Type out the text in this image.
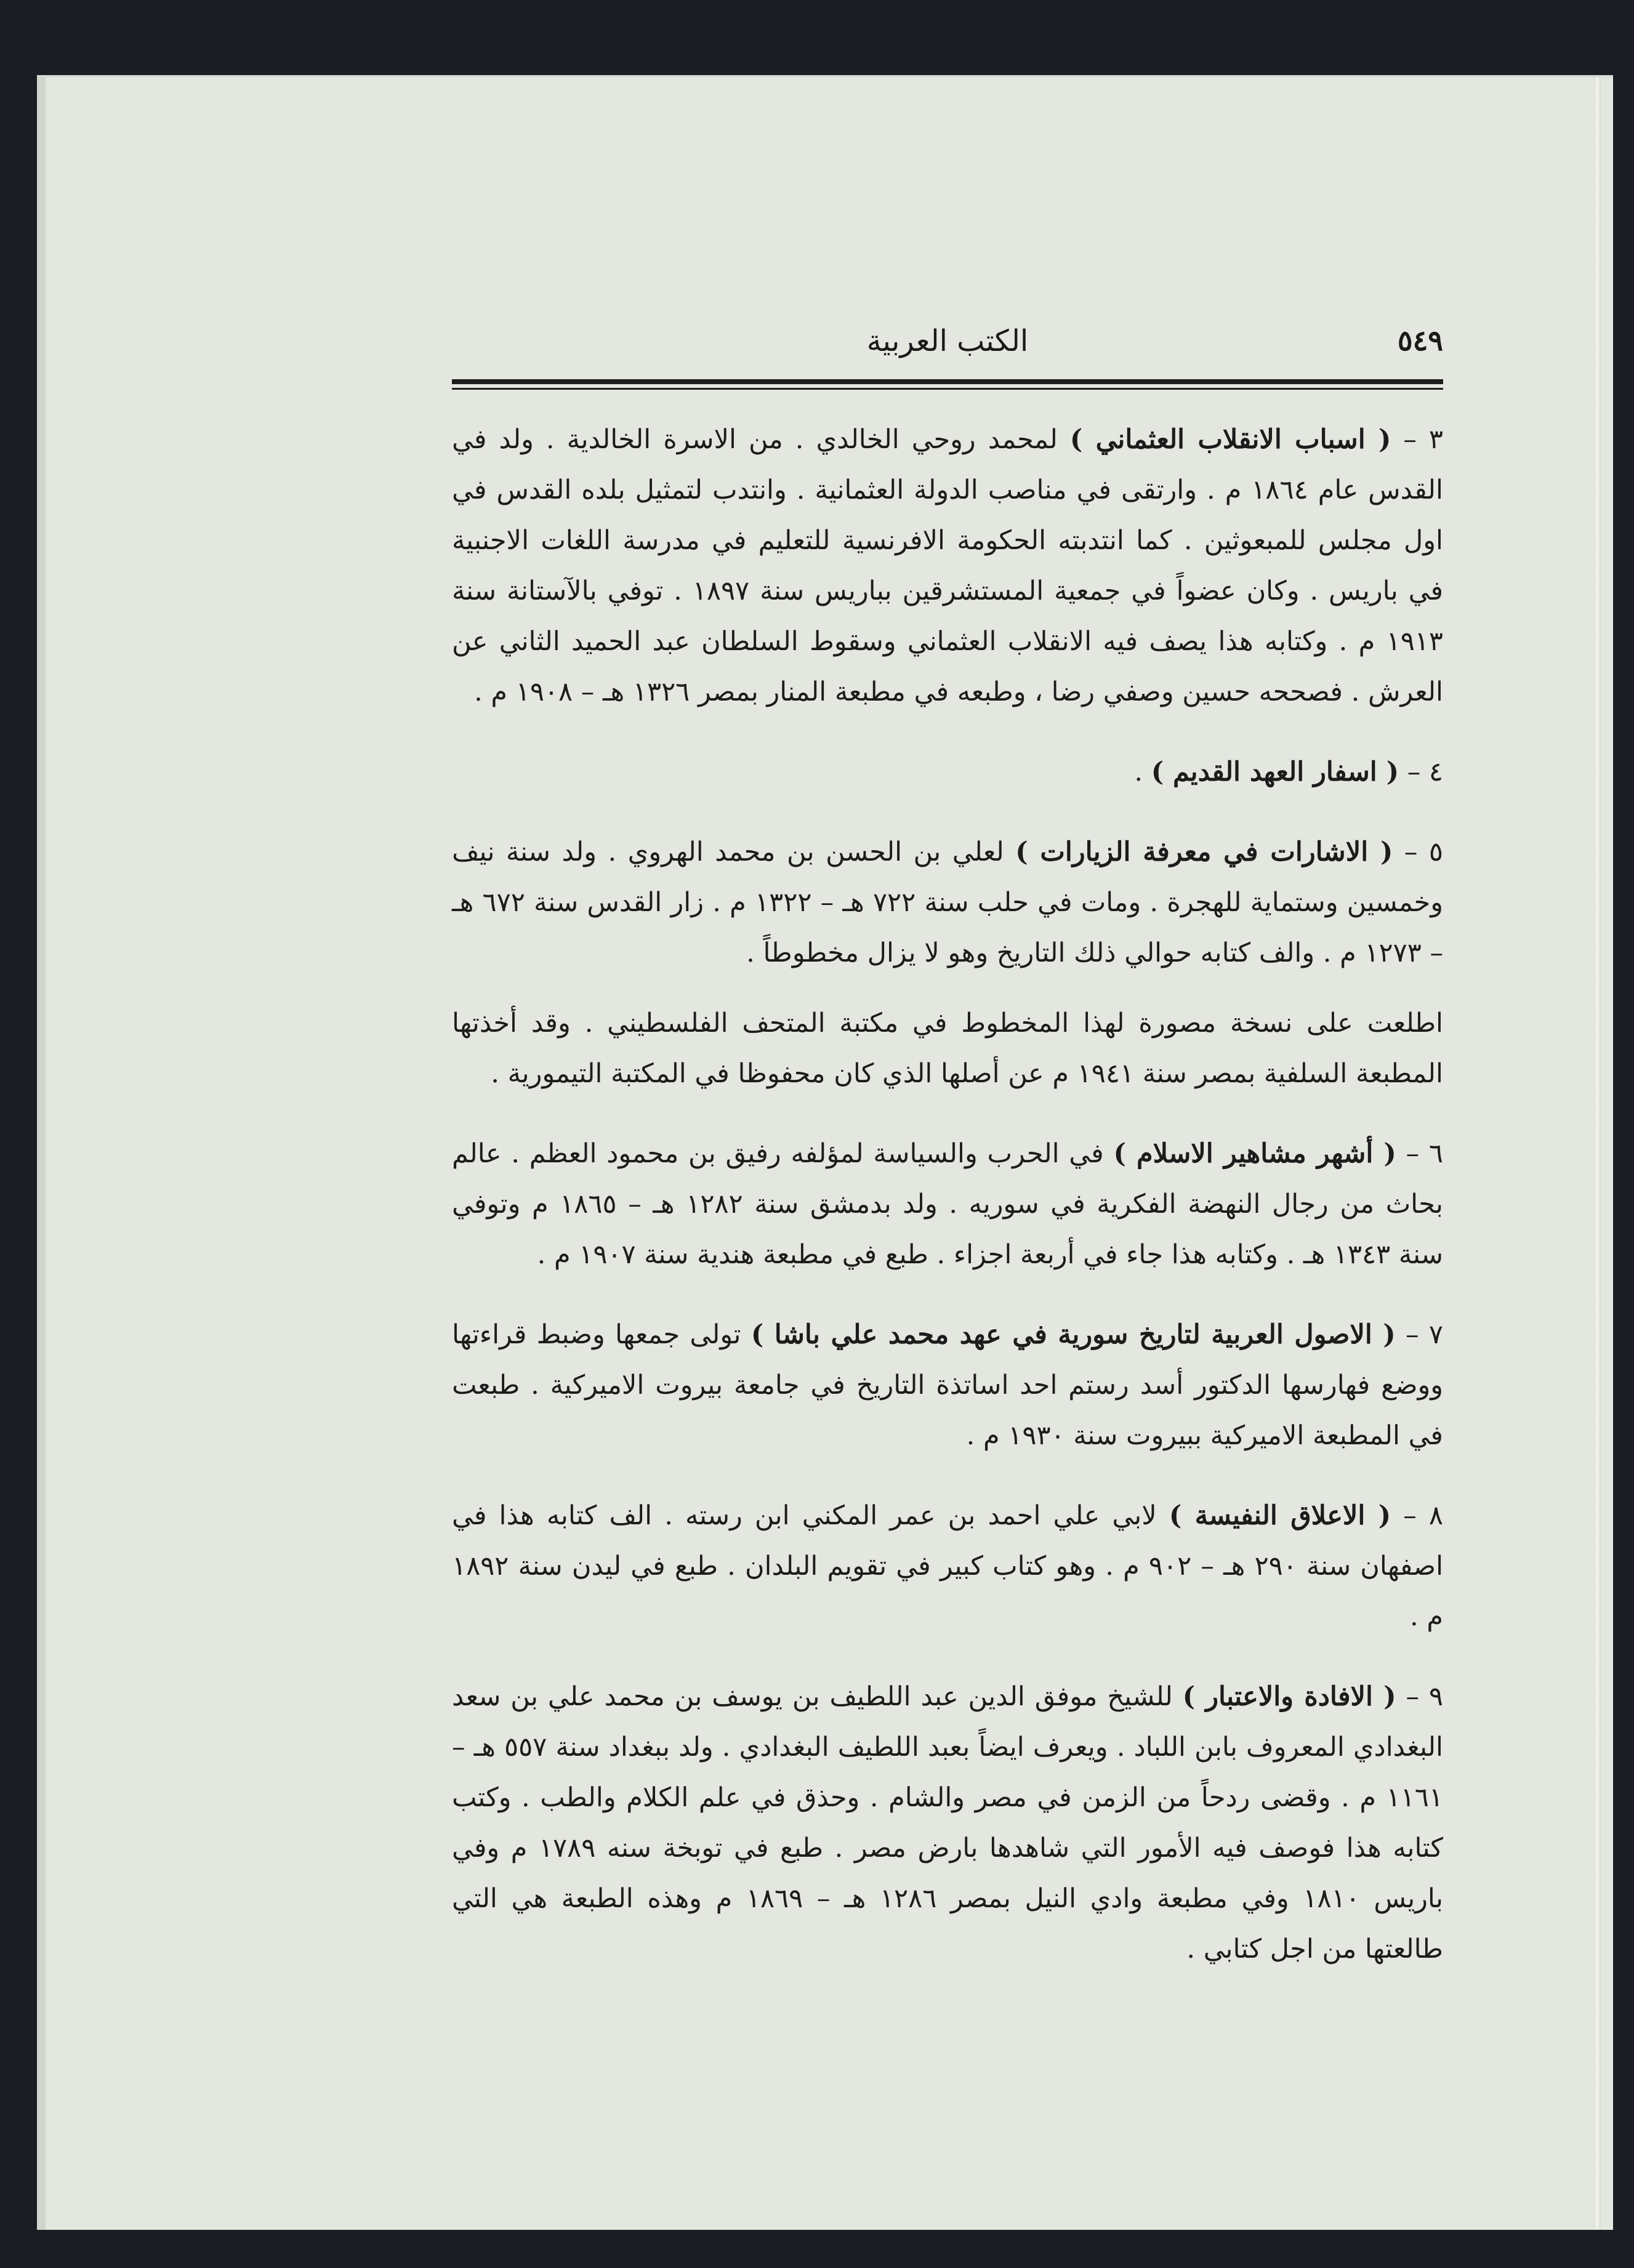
٥٤٩
الكتب العربية

٣ – ( اسباب الانقلاب العثماني ) لمحمد روحي الخالدي . من الاسرة الخالدية . ولد في القدس عام ١٨٦٤ م . وارتقى في مناصب الدولة العثمانية . وانتدب لتمثيل بلده القدس في اول مجلس للمبعوثين . كما انتدبته الحكومة الافرنسية للتعليم في مدرسة اللغات الاجنبية في باريس . وكان عضواً في جمعية المستشرقين بباريس سنة ١٨٩٧ . توفي بالآستانة سنة ١٩١٣ م . وكتابه هذا يصف فيه الانقلاب العثماني وسقوط السلطان عبد الحميد الثاني عن العرش . فصححه حسين وصفي رضا ، وطبعه في مطبعة المنار بمصر ١٣٢٦ هـ – ١٩٠٨ م .

٤ – ( اسفار العهد القديم ) .

٥ – ( الاشارات في معرفة الزيارات ) لعلي بن الحسن بن محمد الهروي . ولد سنة نيف وخمسين وستماية للهجرة . ومات في حلب سنة ٧٢٢ هـ – ١٣٢٢ م . زار القدس سنة ٦٧٢ هـ – ١٢٧٣ م . والف كتابه حوالي ذلك التاريخ وهو لا يزال مخطوطاً .

اطلعت على نسخة مصورة لهذا المخطوط في مكتبة المتحف الفلسطيني . وقد أخذتها المطبعة السلفية بمصر سنة ١٩٤١ م عن أصلها الذي كان محفوظا في المكتبة التيمورية .

٦ – ( أشهر مشاهير الاسلام ) في الحرب والسياسة لمؤلفه رفيق بن محمود العظم . عالم بحاث من رجال النهضة الفكرية في سوريه . ولد بدمشق سنة ١٢٨٢ هـ – ١٨٦٥ م وتوفي سنة ١٣٤٣ هـ . وكتابه هذا جاء في أربعة اجزاء . طبع في مطبعة هندية سنة ١٩٠٧ م .

٧ – ( الاصول العربية لتاريخ سورية في عهد محمد علي باشا ) تولى جمعها وضبط قراءتها ووضع فهارسها الدكتور أسد رستم احد اساتذة التاريخ في جامعة بيروت الاميركية . طبعت في المطبعة الاميركية ببيروت سنة ١٩٣٠ م .

٨ – ( الاعلاق النفيسة ) لابي علي احمد بن عمر المكني ابن رسته . الف كتابه هذا في اصفهان سنة ٢٩٠ هـ – ٩٠٢ م . وهو كتاب كبير في تقويم البلدان . طبع في ليدن سنة ١٨٩٢ م .

٩ – ( الافادة والاعتبار ) للشيخ موفق الدين عبد اللطيف بن يوسف بن محمد علي بن سعد البغدادي المعروف بابن اللباد . ويعرف ايضاً بعبد اللطيف البغدادي . ولد ببغداد سنة ٥٥٧ هـ – ١١٦١ م . وقضى ردحاً من الزمن في مصر والشام . وحذق في علم الكلام والطب . وكتب كتابه هذا فوصف فيه الأمور التي شاهدها بارض مصر . طبع في توبخة سنه ١٧٨٩ م وفي باريس ١٨١٠ وفي مطبعة وادي النيل بمصر ١٢٨٦ هـ – ١٨٦٩ م وهذه الطبعة هي التي طالعتها من اجل كتابي .
